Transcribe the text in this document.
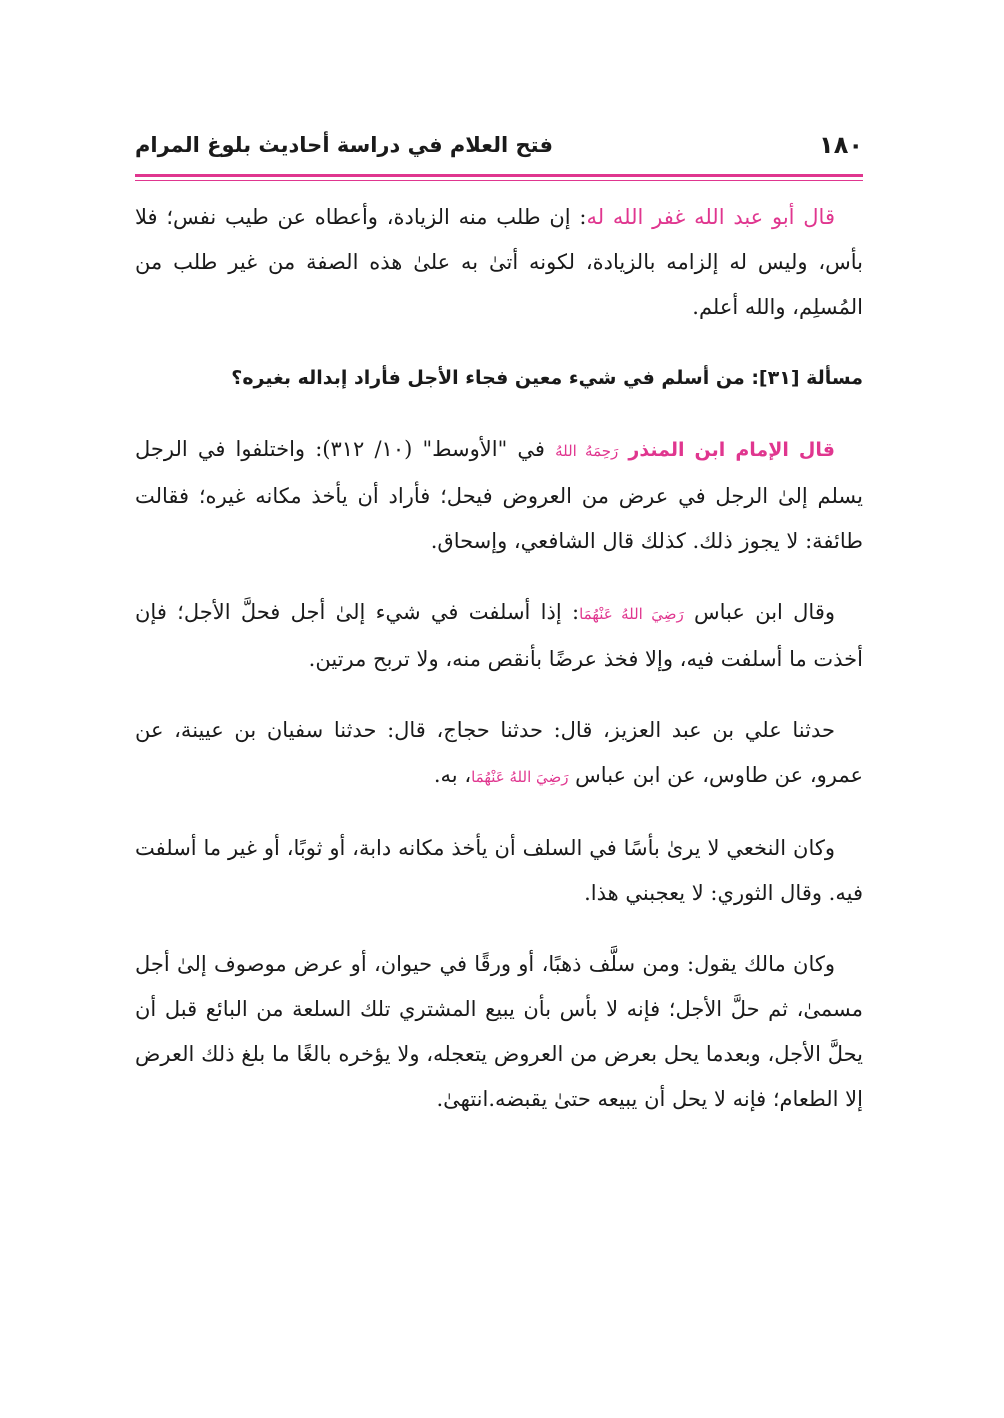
١٨٠
فتح العلام في دراسة أحاديث بلوغ المرام

قال أبو عبد الله غفر الله له: إن طلب منه الزيادة، وأعطاه عن طيب نفس؛ فلا بأس، وليس له إلزامه بالزيادة، لكونه أتىٰ به علىٰ هذه الصفة من غير طلب من المُسلِم، والله أعلم.

مسألة [٣١]: من أسلم في شيء معين فجاء الأجل فأراد إبداله بغيره؟

قال الإمام ابن المنذر رَحِمَهُ اللهُ في "الأوسط" (١٠/ ٣١٢): واختلفوا في الرجل يسلم إلىٰ الرجل في عرض من العروض فيحل؛ فأراد أن يأخذ مكانه غيره؛ فقالت طائفة: لا يجوز ذلك. كذلك قال الشافعي، وإسحاق.

وقال ابن عباس رَضِيَ اللهُ عَنْهُمَا: إذا أسلفت في شيء إلىٰ أجل فحلَّ الأجل؛ فإن أخذت ما أسلفت فيه، وإلا فخذ عرضًا بأنقص منه، ولا تربح مرتين.

حدثنا علي بن عبد العزيز، قال: حدثنا حجاج، قال: حدثنا سفيان بن عيينة، عن عمرو، عن طاوس، عن ابن عباس رَضِيَ اللهُ عَنْهُمَا، به.

وكان النخعي لا يرىٰ بأسًا في السلف أن يأخذ مكانه دابة، أو ثوبًا، أو غير ما أسلفت فيه. وقال الثوري: لا يعجبني هذا.

وكان مالك يقول: ومن سلَّف ذهبًا، أو ورقًا في حيوان، أو عرض موصوف إلىٰ أجل مسمىٰ، ثم حلَّ الأجل؛ فإنه لا بأس بأن يبيع المشتري تلك السلعة من البائع قبل أن يحلَّ الأجل، وبعدما يحل بعرض من العروض يتعجله، ولا يؤخره بالغًا ما بلغ ذلك العرض إلا الطعام؛ فإنه لا يحل أن يبيعه حتىٰ يقبضه.انتهىٰ.
